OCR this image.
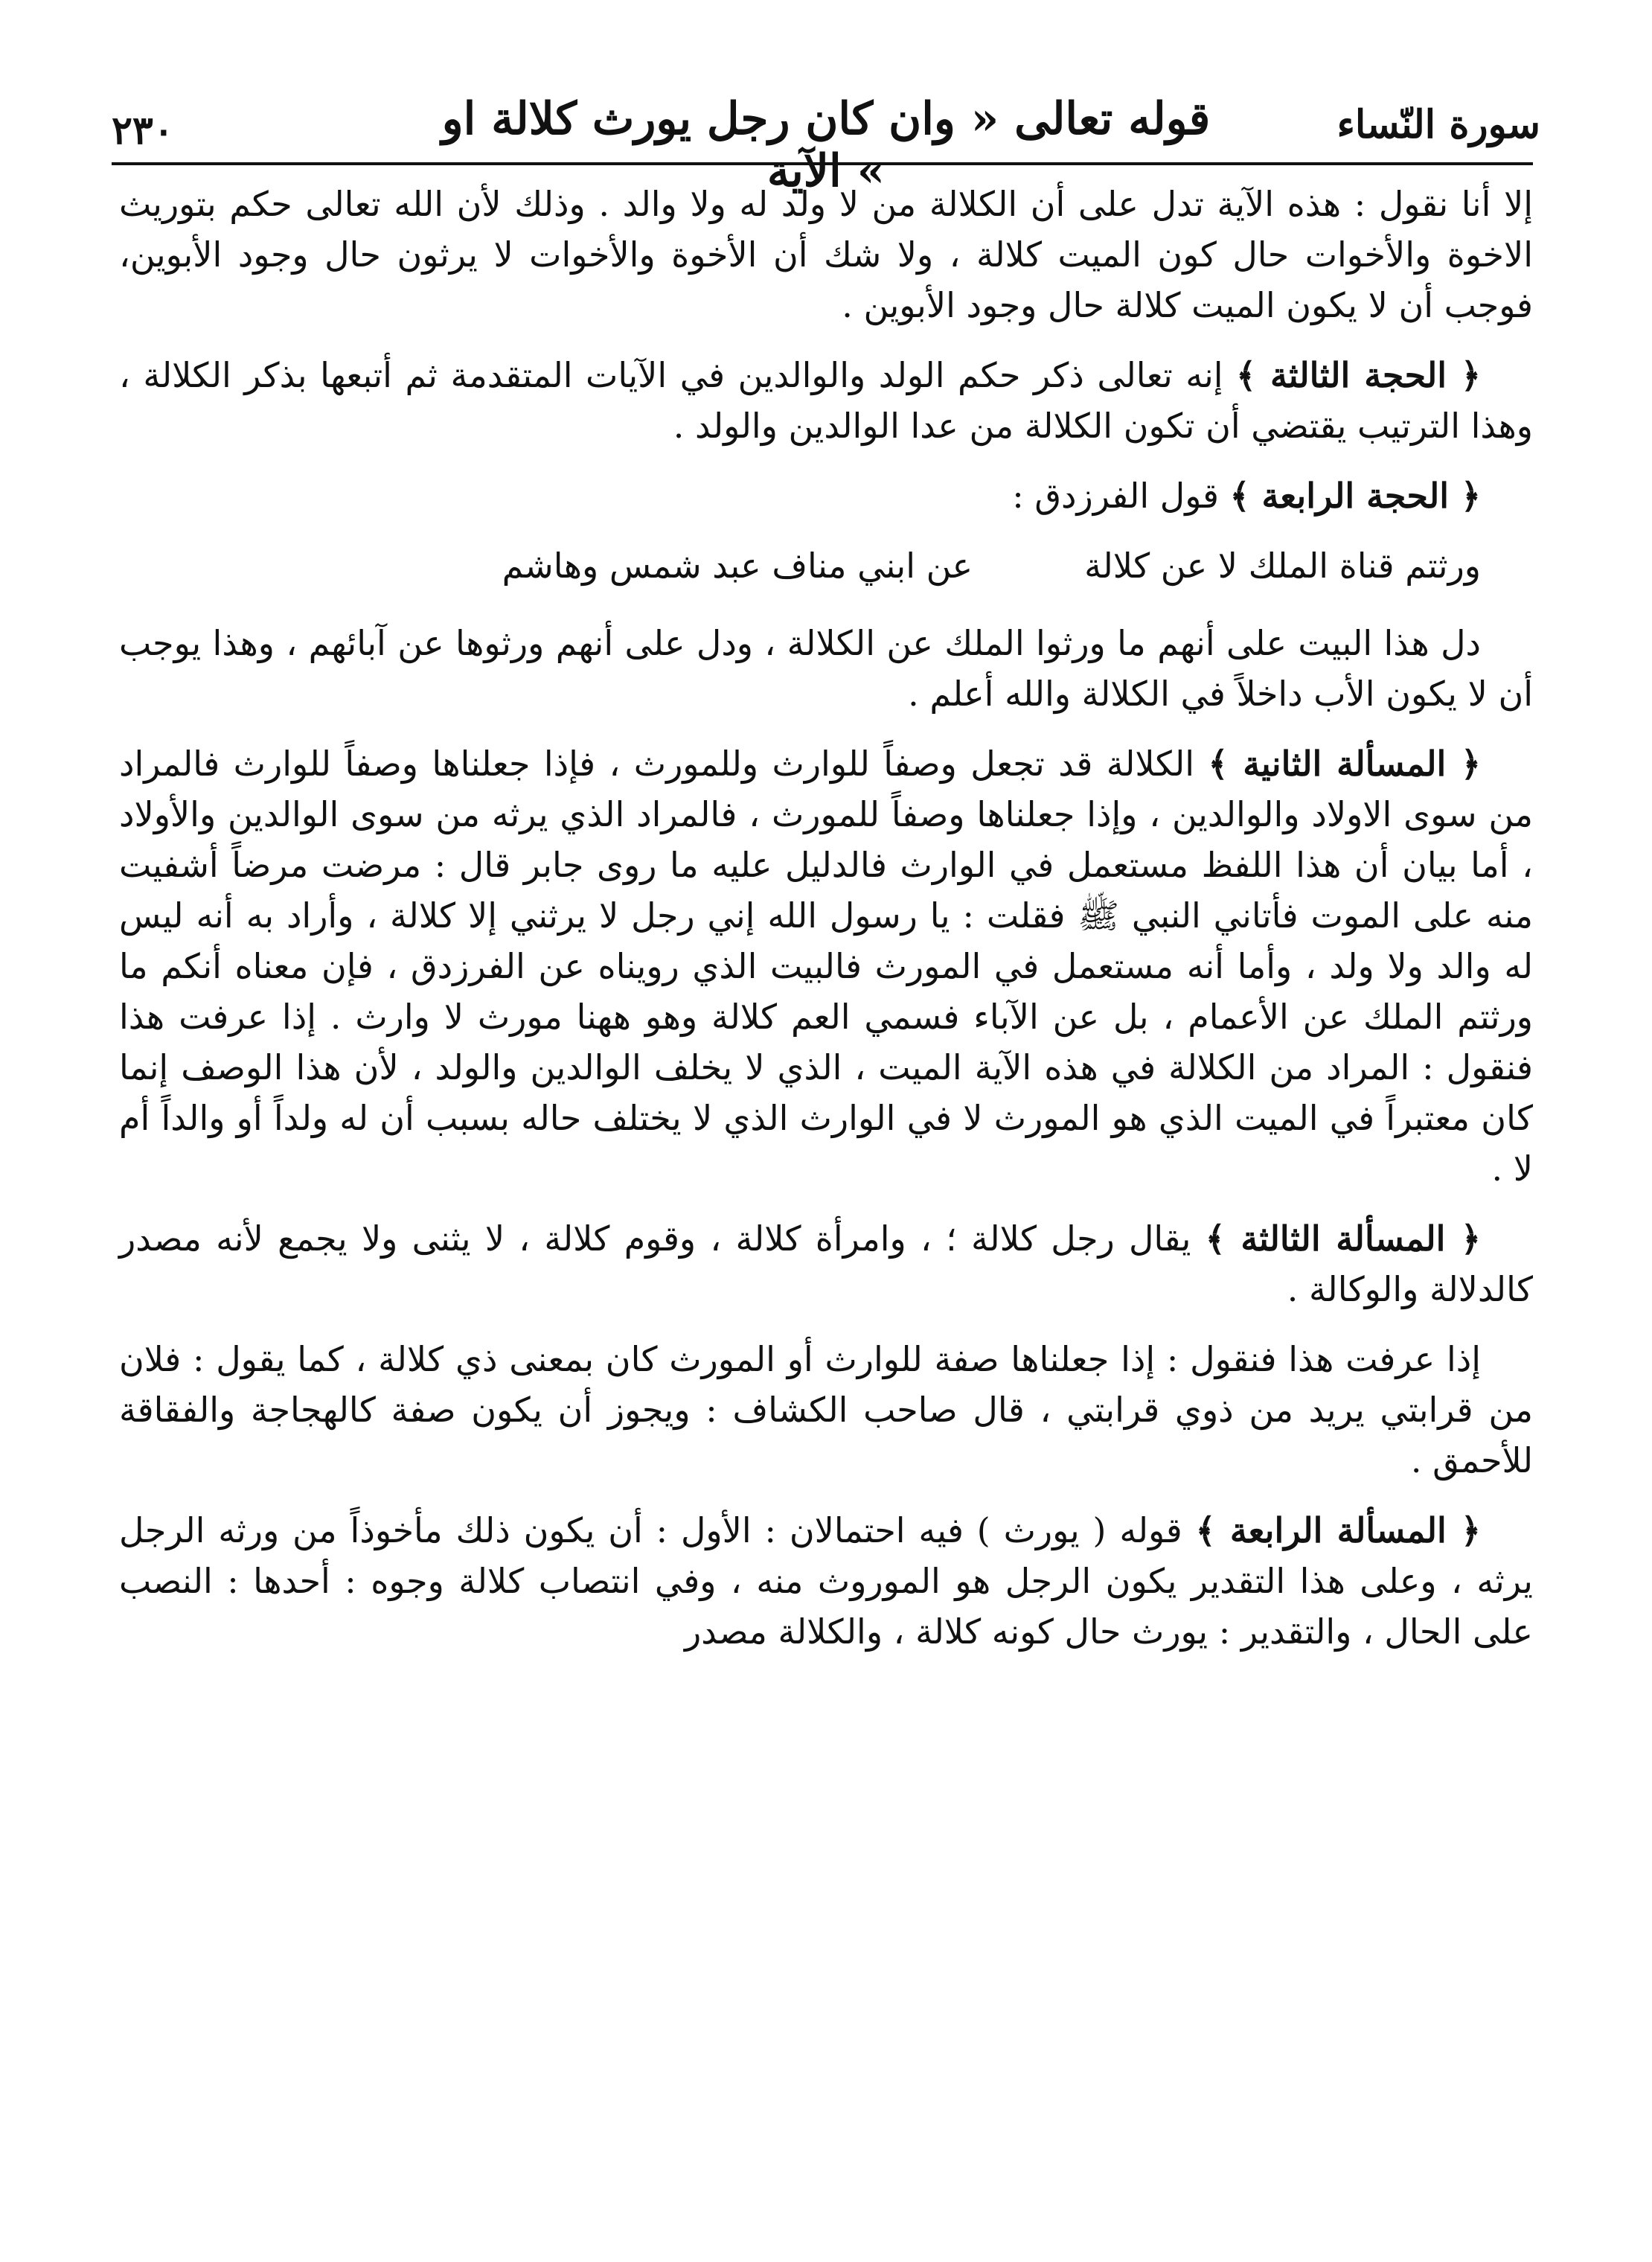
٢٣٠	قوله تعالى « وان كان رجل يورث كلالة او » الآية
سورة النّساء

إلا أنا نقول : هذه الآية تدل على أن الكلالة من لا ولد له ولا والد . وذلك لأن الله تعالى حكم بتوريث الاخوة والأخوات حال كون الميت كلالة ، ولا شك أن الأخوة والأخوات لا يرثون حال وجود الأبوين، فوجب أن لا يكون الميت كلالة حال وجود الأبوين .

﴿ الحجة الثالثة ﴾ إنه تعالى ذكر حكم الولد والوالدين في الآيات المتقدمة ثم أتبعها بذكر الكلالة ، وهذا الترتيب يقتضي أن تكون الكلالة من عدا الوالدين والولد .

﴿ الحجة الرابعة ﴾ قول الفرزدق :

ورثتم قناة الملك لا عن كلالة
عن ابني مناف عبد شمس وهاشم

دل هذا البيت على أنهم ما ورثوا الملك عن الكلالة ، ودل على أنهم ورثوها عن آبائهم ، وهذا يوجب أن لا يكون الأب داخلاً في الكلالة والله أعلم .

﴿ المسألة الثانية ﴾ الكلالة قد تجعل وصفاً للوارث وللمورث ، فإذا جعلناها وصفاً للوارث فالمراد من سوى الاولاد والوالدين ، وإذا جعلناها وصفاً للمورث ، فالمراد الذي يرثه من سوى الوالدين والأولاد ، أما بيان أن هذا اللفظ مستعمل في الوارث فالدليل عليه ما روى جابر قال : مرضت مرضاً أشفيت منه على الموت فأتاني النبي ﷺ فقلت : يا رسول الله إني رجل لا يرثني إلا كلالة ، وأراد به أنه ليس له والد ولا ولد ، وأما أنه مستعمل في المورث فالبيت الذي رويناه عن الفرزدق ، فإن معناه أنكم ما ورثتم الملك عن الأعمام ، بل عن الآباء فسمي العم كلالة وهو ههنا مورث لا وارث . إذا عرفت هذا فنقول : المراد من الكلالة في هذه الآية الميت ، الذي لا يخلف الوالدين والولد ، لأن هذا الوصف إنما كان معتبراً في الميت الذي هو المورث لا في الوارث الذي لا يختلف حاله بسبب أن له ولداً أو والداً أم لا .

﴿ المسألة الثالثة ﴾ يقال رجل كلالة ؛ ، وامرأة كلالة ، وقوم كلالة ، لا يثنى ولا يجمع لأنه مصدر كالدلالة والوكالة .

إذا عرفت هذا فنقول : إذا جعلناها صفة للوارث أو المورث كان بمعنى ذي كلالة ، كما يقول : فلان من قرابتي يريد من ذوي قرابتي ، قال صاحب الكشاف : ويجوز أن يكون صفة كالهجاجة والفقاقة للأحمق .

﴿ المسألة الرابعة ﴾ قوله ( يورث ) فيه احتمالان : الأول : أن يكون ذلك مأخوذاً من ورثه الرجل يرثه ، وعلى هذا التقدير يكون الرجل هو الموروث منه ، وفي انتصاب كلالة وجوه : أحدها : النصب على الحال ، والتقدير : يورث حال كونه كلالة ، والكلالة مصدر
